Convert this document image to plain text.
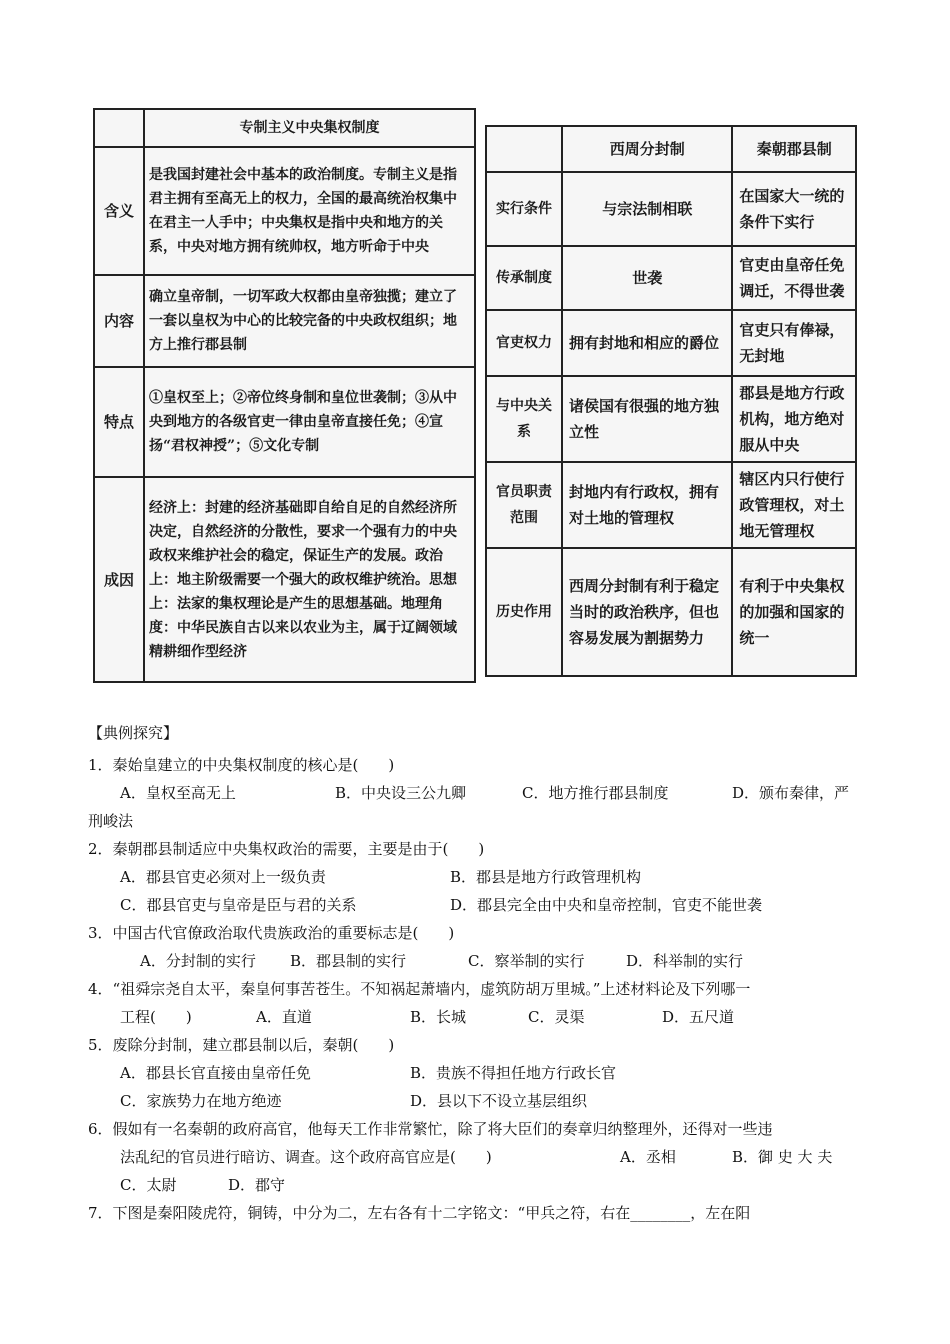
	专制主义中央集权制度
含义	是我国封建社会中基本的政治制度。专制主义是指君主拥有至高无上的权力，全国的最高统治权集中在君主一人手中；中央集权是指中央和地方的关系，中央对地方拥有统帅权，地方听命于中央
内容	确立皇帝制，一切军政大权都由皇帝独揽；建立了一套以皇权为中心的比较完备的中央政权组织；地方上推行郡县制
特点	①皇权至上；②帝位终身制和皇位世袭制；③从中央到地方的各级官吏一律由皇帝直接任免；④宣扬“君权神授”；⑤文化专制
成因	经济上：封建的经济基础即自给自足的自然经济所决定，自然经济的分散性，要求一个强有力的中央政权来维护社会的稳定，保证生产的发展。政治上：地主阶级需要一个强大的政权维护统治。思想上：法家的集权理论是产生的思想基础。地理角度：中华民族自古以来以农业为主，属于辽阔领域精耕细作型经济
	西周分封制	秦朝郡县制
实行条件	与宗法制相联	在国家大一统的条件下实行
传承制度	世袭	官吏由皇帝任免调迁，不得世袭
官吏权力	拥有封地和相应的爵位	官吏只有俸禄，无封地
与中央关系	诸侯国有很强的地方独立性	郡县是地方行政机构，地方绝对服从中央
官员职责范围	封地内有行政权，拥有对土地的管理权	辖区内只行使行政管理权，对土地无管理权
历史作用	西周分封制有利于稳定当时的政治秩序，但也容易发展为割据势力	有利于中央集权的加强和国家的统一
【典例探究】
1．秦始皇建立的中央集权制度的核心是(　　)
A．皇权至高无上	B．中央设三公九卿	C．地方推行郡县制度	D．颁布秦律，严
刑峻法
2．秦朝郡县制适应中央集权政治的需要，主要是由于(　　)
A．郡县官吏必须对上一级负责	B．郡县是地方行政管理机构
C．郡县官吏与皇帝是臣与君的关系	D．郡县完全由中央和皇帝控制，官吏不能世袭
3．中国古代官僚政治取代贵族政治的重要标志是(　　)
A．分封制的实行 B．郡县制的实行	C．察举制的实行	D．科举制的实行
4．“祖舜宗尧自太平，秦皇何事苦苍生。不知祸起萧墙内，虚筑防胡万里城。”上述材料论及下列哪一
工程(　　)	A．直道	B．长城	C．灵渠	D．五尺道
5．废除分封制，建立郡县制以后，秦朝(　　)
A．郡县长官直接由皇帝任免	B．贵族不得担任地方行政长官
C．家族势力在地方绝迹	D．县以下不设立基层组织
6．假如有一名秦朝的政府高官，他每天工作非常繁忙，除了将大臣们的奏章归纳整理外，还得对一些违
法乱纪的官员进行暗访、调查。这个政府高官应是(　　)	A．丞相	B．御 史 大 夫
C．太尉	D．郡守
7．下图是秦阳陵虎符，铜铸，中分为二，左右各有十二字铭文：“甲兵之符，右在________，左在阳
